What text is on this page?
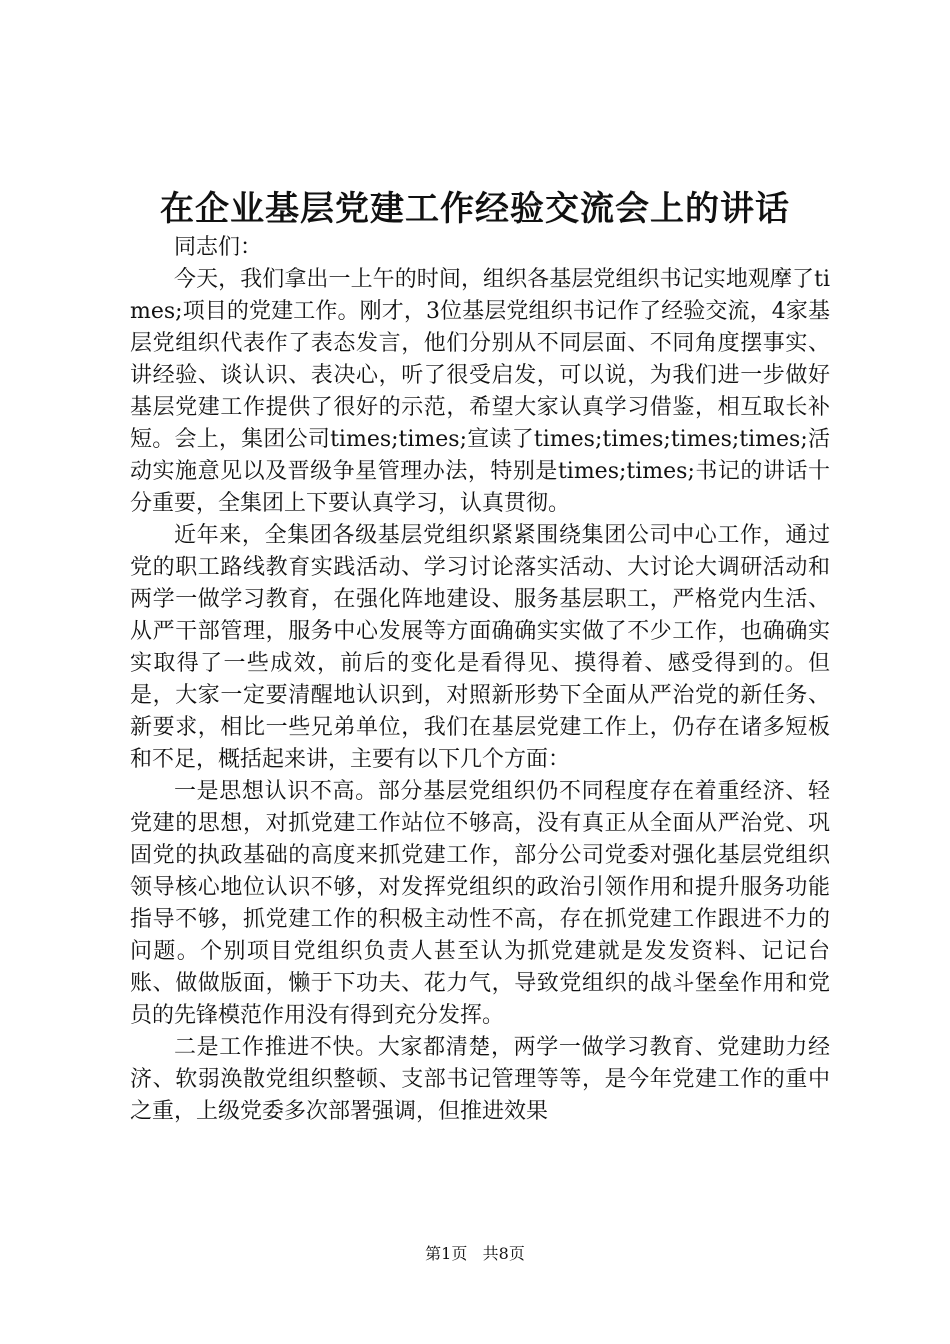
在企业基层党建工作经验交流会上的讲话

同志们：

今天，我们拿出一上午的时间，组织各基层党组织书记实地观摩了times;项目的党建工作。刚才，3位基层党组织书记作了经验交流，4家基层党组织代表作了表态发言，他们分别从不同层面、不同角度摆事实、讲经验、谈认识、表决心，听了很受启发，可以说，为我们进一步做好基层党建工作提供了很好的示范，希望大家认真学习借鉴，相互取长补短。会上，集团公司times;times;宣读了times;times;times;times;活动实施意见以及晋级争星管理办法，特别是times;times;书记的讲话十分重要，全集团上下要认真学习，认真贯彻。

近年来，全集团各级基层党组织紧紧围绕集团公司中心工作，通过党的职工路线教育实践活动、学习讨论落实活动、大讨论大调研活动和两学一做学习教育，在强化阵地建设、服务基层职工，严格党内生活、从严干部管理，服务中心发展等方面确确实实做了不少工作，也确确实实取得了一些成效，前后的变化是看得见、摸得着、感受得到的。但是，大家一定要清醒地认识到，对照新形势下全面从严治党的新任务、新要求，相比一些兄弟单位，我们在基层党建工作上，仍存在诸多短板和不足，概括起来讲，主要有以下几个方面：

一是思想认识不高。部分基层党组织仍不同程度存在着重经济、轻党建的思想，对抓党建工作站位不够高，没有真正从全面从严治党、巩固党的执政基础的高度来抓党建工作，部分公司党委对强化基层党组织领导核心地位认识不够，对发挥党组织的政治引领作用和提升服务功能指导不够，抓党建工作的积极主动性不高，存在抓党建工作跟进不力的问题。个别项目党组织负责人甚至认为抓党建就是发发资料、记记台账、做做版面，懒于下功夫、花力气，导致党组织的战斗堡垒作用和党员的先锋模范作用没有得到充分发挥。

二是工作推进不快。大家都清楚，两学一做学习教育、党建助力经济、软弱涣散党组织整顿、支部书记管理等等，是今年党建工作的重中之重，上级党委多次部署强调，但推进效果

第1页 共8页
